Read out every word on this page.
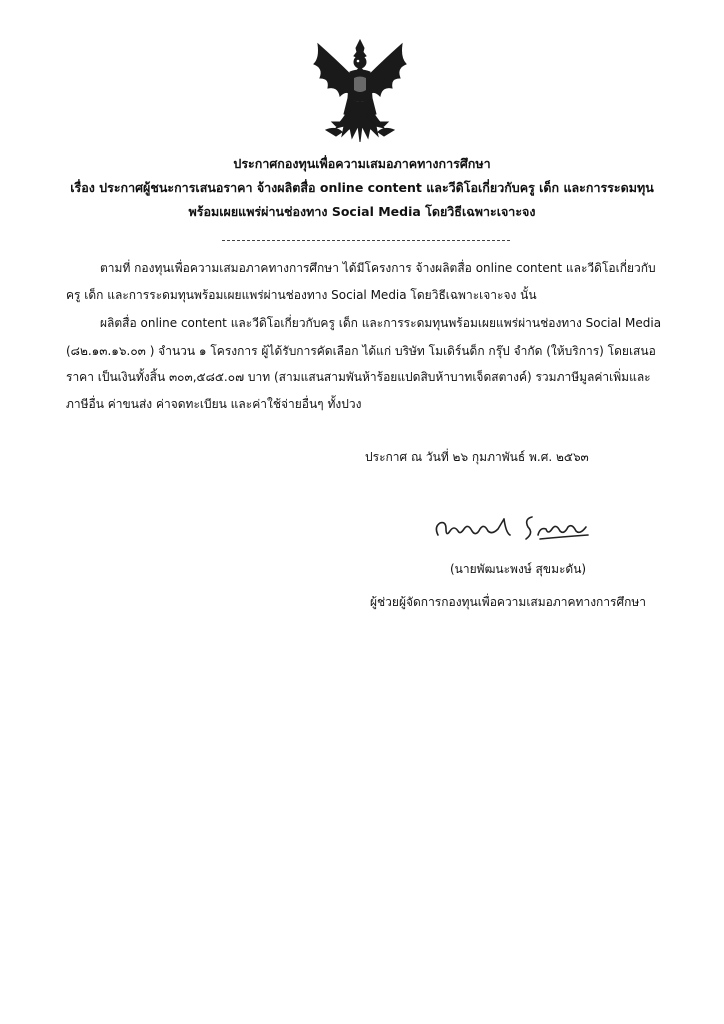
ประกาศกองทุนเพื่อความเสมอภาคทางการศึกษา
เรื่อง ประกาศผู้ชนะการเสนอราคา จ้างผลิตสื่อ online content และวีดิโอเกี่ยวกับครู เด็ก และการระดมทุน
พร้อมเผยแพร่ผ่านช่องทาง Social Media โดยวิธีเฉพาะเจาะจง
ตามที่ กองทุนเพื่อความเสมอภาคทางการศึกษา ได้มีโครงการ จ้างผลิตสื่อ online content และวีดิโอเกี่ยวกับ
ครู เด็ก และการระดมทุนพร้อมเผยแพร่ผ่านช่องทาง Social Media โดยวิธีเฉพาะเจาะจง นั้น
ผลิตสื่อ online content และวีดิโอเกี่ยวกับครู เด็ก และการระดมทุนพร้อมเผยแพร่ผ่านช่องทาง Social Media
(๘๒.๑๓.๑๖.๐๓ ) จำนวน ๑ โครงการ ผู้ได้รับการคัดเลือก ได้แก่ บริษัท โมเดิร์นด็ก กรุ๊ป จำกัด (ให้บริการ) โดยเสนอ
ราคา เป็นเงินทั้งสิ้น ๓๐๓,๕๘๕.๐๗ บาท (สามแสนสามพันห้าร้อยแปดสิบห้าบาทเจ็ดสตางค์) รวมภาษีมูลค่าเพิ่มและ
ภาษีอื่น ค่าขนส่ง ค่าจดทะเบียน และค่าใช้จ่ายอื่นๆ ทั้งปวง
ประกาศ ณ วันที่ ๒๖ กุมภาพันธ์ พ.ศ. ๒๕๖๓
(นายพัฒนะพงษ์ สุขมะดัน)
ผู้ช่วยผู้จัดการกองทุนเพื่อความเสมอภาคทางการศึกษา
